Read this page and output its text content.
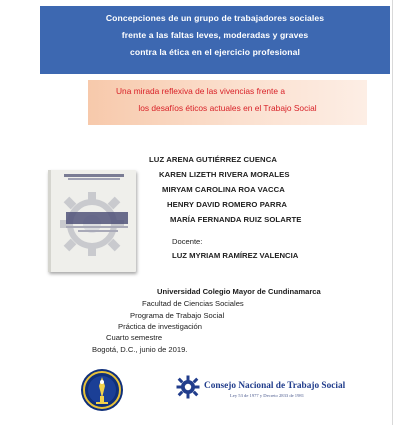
Concepciones de un grupo de trabajadores sociales
frente a las faltas leves, moderadas y graves
contra la ética en el ejercicio profesional
Una mirada reflexiva de las vivencias frente a
los desafíos éticos actuales en el Trabajo Social
LUZ ARENA GUTIÉRREZ CUENCA
KAREN LIZETH RIVERA MORALES
MIRYAM CAROLINA ROA VACCA
HENRY DAVID ROMERO PARRA
MARÍA FERNANDA RUIZ SOLARTE
Docente:
LUZ MYRIAM RAMÍREZ VALENCIA
Universidad Colegio Mayor de Cundinamarca
Facultad de Ciencias Sociales
Programa de Trabajo Social
Práctica de investigación
Cuarto semestre
Bogotá, D.C., junio de 2019.
Consejo Nacional de Trabajo Social
Ley 53 de 1977 y Decreto 2833 de 1981
